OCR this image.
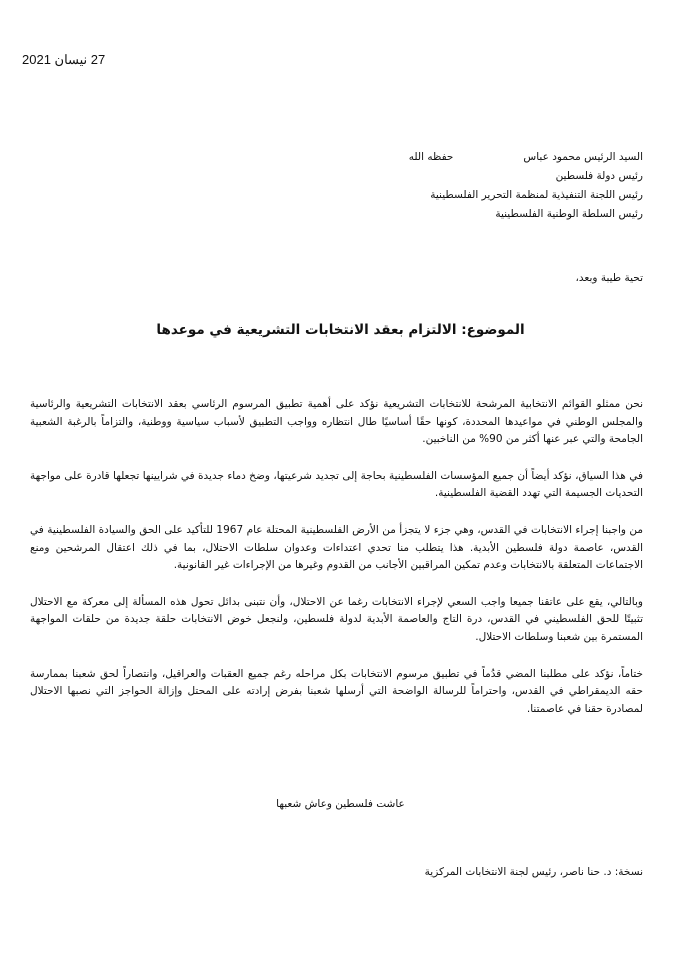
27 نيسان 2021
السيد الرئيس محمود عباس
حفظه الله
رئيس دولة فلسطين
رئيس اللجنة التنفيذية لمنظمة التحرير الفلسطينية
رئيس السلطة الوطنية الفلسطينية
تحية طيبة وبعد،
الموضوع: الالتزام بعقد الانتخابات التشريعية في موعدها

نحن ممثلو القوائم الانتخابية المرشحة للانتخابات التشريعية نؤكد على أهمية تطبيق المرسوم الرئاسي بعقد الانتخابات التشريعية والرئاسية والمجلس الوطني في مواعيدها المحددة، كونها حقًا أساسيًا طال انتظاره وواجب التطبيق لأسباب سياسية ووطنية، والتزاماً بالرغبة الشعبية الجامحة والتي عبر عنها أكثر من 90% من الناخبين.

في هذا السياق، نؤكد أيضاً أن جميع المؤسسات الفلسطينية بحاجة إلى تجديد شرعيتها، وضخ دماء جديدة في شرايينها تجعلها قادرة على مواجهة التحديات الجسيمة التي تهدد القضية الفلسطينية.

من واجبنا إجراء الانتخابات في القدس، وهي جزء لا يتجزأ من الأرض الفلسطينية المحتلة عام 1967 للتأكيد على الحق والسيادة الفلسطينية في القدس، عاصمة دولة فلسطين الأبدية. هذا يتطلب منا تحدي اعتداءات وعدوان سلطات الاحتلال، بما في ذلك اعتقال المرشحين ومنع الاجتماعات المتعلقة بالانتخابات وعدم تمكين المراقبين الأجانب من القدوم وغيرها من الإجراءات غير القانونية.

وبالتالي، يقع على عاتقنا جميعا واجب السعي لإجراء الانتخابات رغما عن الاحتلال، وأن نتبنى بدائل تحول هذه المسألة إلى معركة مع الاحتلال تثبيتًا للحق الفلسطيني في القدس، درة التاج والعاصمة الأبدية لدولة فلسطين، ولنجعل خوض الانتخابات حلقة جديدة من حلقات المواجهة المستمرة بين شعبنا وسلطات الاحتلال.

ختاماً، نؤكد على مطلبنا المضي قدُماً في تطبيق مرسوم الانتخابات بكل مراحله رغم جميع العقبات والعراقيل، وانتصاراً لحق شعبنا بممارسة حقه الديمقراطي في القدس، واحتراماً للرسالة الواضحة التي أرسلها شعبنا بفرض إرادته على المحتل وإزالة الحواجز التي نصبها الاحتلال لمصادرة حقنا في عاصمتنا.

عاشت فلسطين وعاش شعبها
نسخة: د. حنا ناصر، رئيس لجنة الانتخابات المركزية
